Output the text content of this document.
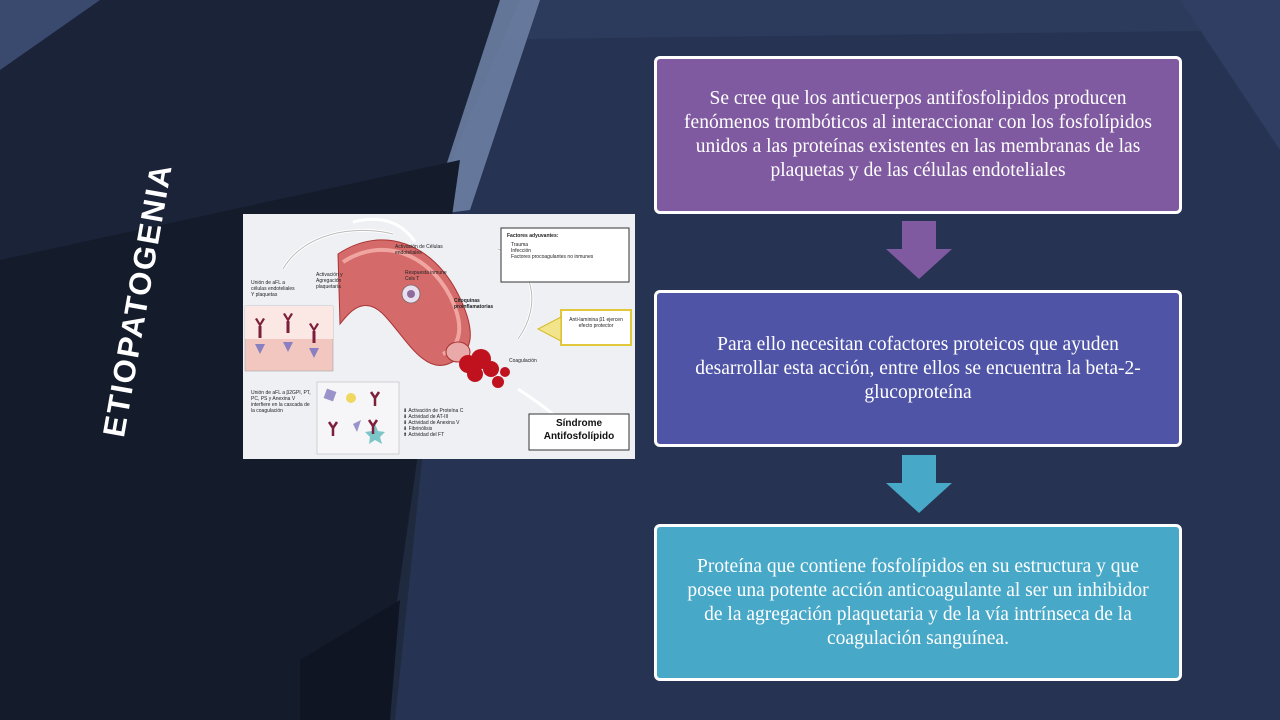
ETIOPATOGENIA	Unión de aFL a células endoteliales Y plaquetas
Activación de Células endoteliales
Activación y Agregación plaquetaria
Respuesta inmune Cels T
Citoquinas proinflamatorias
Coagulación
Factores adyuvantes:
Trauma
Infección
Factores procoagulantes no inmunes
Anti-laminina β1 ejercen efecto protector
Unión de aFL a β2GPI, PT, PC, PS y Anexina V interfiere en la cascada de la coagulación	⬇ Activación de Proteína C
⬇ Actividad de AT-III
⬇ Actividad de Anexina V
⬇ Fibrinólisis
⬆ Actividad del FT
Síndrome
Antifosfolípido
Se cree que los anticuerpos antifosfolipidos producen fenómenos trombóticos al interaccionar con los fosfolípidos unidos a las proteínas existentes en las membranas de las plaquetas y de las células endoteliales
Para ello necesitan cofactores proteicos que ayuden desarrollar esta acción, entre ellos se encuentra la beta-2-glucoproteína
Proteína que contiene fosfolípidos en su estructura y que posee una potente acción anticoagulante al ser un inhibidor de la agregación plaquetaria y de la vía intrínseca de la coagulación sanguínea.
